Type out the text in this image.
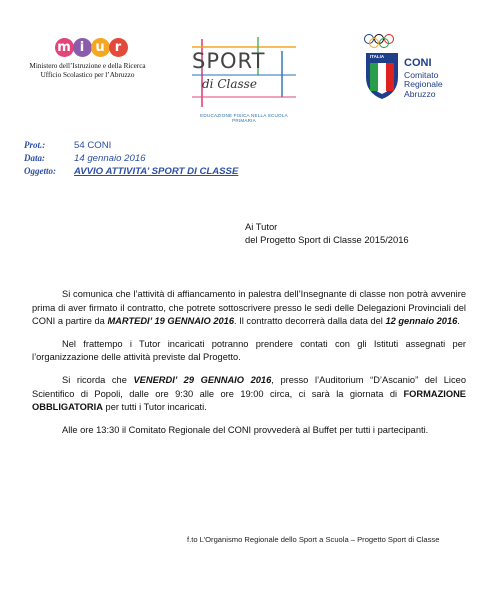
m i u r
Ministero dell’Istruzione e della Ricerca
Ufficio Scolastico per l’Abruzzo
SPORT
di Classe
EDUCAZIONE FISICA NELLA SCUOLA PRIMARIA
ITALIA
CONI
Comitato
Regionale
Abruzzo
Prot.:	54 CONI
Data:	14 gennaio 2016
Oggetto:	AVVIO ATTIVITA’ SPORT DI CLASSE
Ai Tutor
del Progetto Sport di Classe 2015/2016

Si comunica che l’attività di affiancamento in palestra dell’Insegnante di classe non potrà avvenire prima di aver firmato il contratto, che potrete sottoscrivere presso le sedi delle Delegazioni Provinciali del CONI a partire da MARTEDI’ 19 GENNAIO 2016. Il contratto decorrerà dalla data del 12 gennaio 2016.

Nel frattempo i Tutor incaricati potranno prendere contati con gli Istituti assegnati per l’organizzazione delle attività previste dal Progetto.

Si ricorda che VENERDI’ 29 GENNAIO 2016, presso l’Auditorium “D’Ascanio” del Liceo Scientifico di Popoli, dalle ore 9:30 alle ore 19:00 circa, ci sarà la giornata di FORMAZIONE OBBLIGATORIA per tutti i Tutor incaricati.

Alle ore 13:30 il Comitato Regionale del CONI provvederà al Buffet per tutti i partecipanti.

f.to L’Organismo Regionale dello Sport a Scuola – Progetto Sport di Classe
